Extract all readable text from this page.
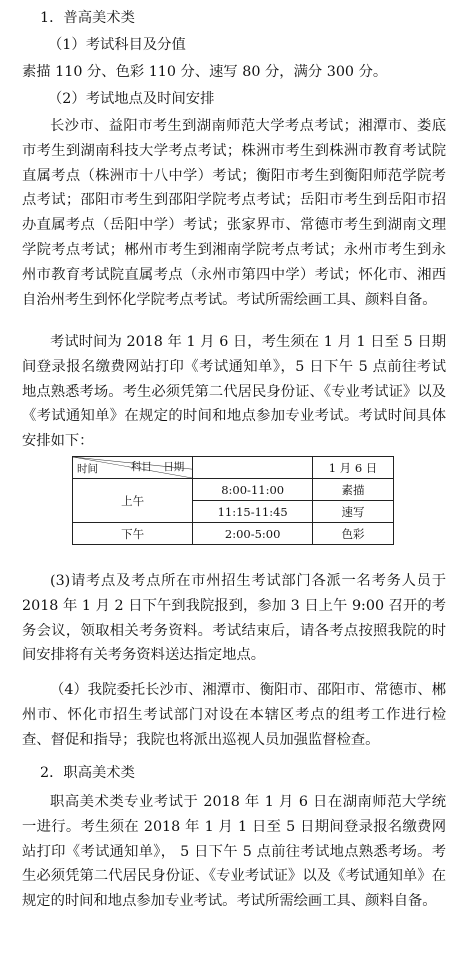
1．普高美术类

（1）考试科目及分值

素描 110 分、色彩 110 分、速写 80 分，满分 300 分。

（2）考试地点及时间安排

长沙市、益阳市考生到湖南师范大学考点考试；湘潭市、娄底市考生到湖南科技大学考点考试；株洲市考生到株洲市教育考试院直属考点（株洲市十八中学）考试；衡阳市考生到衡阳师范学院考点考试；邵阳市考生到邵阳学院考点考试；岳阳市考生到岳阳市招办直属考点（岳阳中学）考试；张家界市、常德市考生到湖南文理学院考点考试；郴州市考生到湘南学院考点考试；永州市考生到永州市教育考试院直属考点（永州市第四中学）考试；怀化市、湘西自治州考生到怀化学院考点考试。考试所需绘画工具、颜料自备。

考试时间为 2018 年 1 月 6 日，考生须在 1 月 1 日至 5 日期间登录报名缴费网站打印《考试通知单》，5 日下午 5 点前往考试地点熟悉考场。考生必须凭第二代居民身份证、《专业考试证》以及《考试通知单》在规定的时间和地点参加专业考试。考试时间具体安排如下：

科目 日期
时间		1 月 6 日
上午	8:00-11:00	素描
	11:15-11:45	速写
下午	2:00-5:00	色彩

(3)请考点及考点所在市州招生考试部门各派一名考务人员于 2018 年 1 月 2 日下午到我院报到，参加 3 日上午 9:00 召开的考务会议，领取相关考务资料。考试结束后，请各考点按照我院的时间安排将有关考务资料送达指定地点。

（4）我院委托长沙市、湘潭市、衡阳市、邵阳市、常德市、郴州市、怀化市招生考试部门对设在本辖区考点的组考工作进行检查、督促和指导；我院也将派出巡视人员加强监督检查。

2．职高美术类

职高美术类专业考试于 2018 年 1 月 6 日在湖南师范大学统一进行。考生须在 2018 年 1 月 1 日至 5 日期间登录报名缴费网站打印《考试通知单》， 5 日下午 5 点前往考试地点熟悉考场。考生必须凭第二代居民身份证、《专业考试证》以及《考试通知单》在规定的时间和地点参加专业考试。考试所需绘画工具、颜料自备。
